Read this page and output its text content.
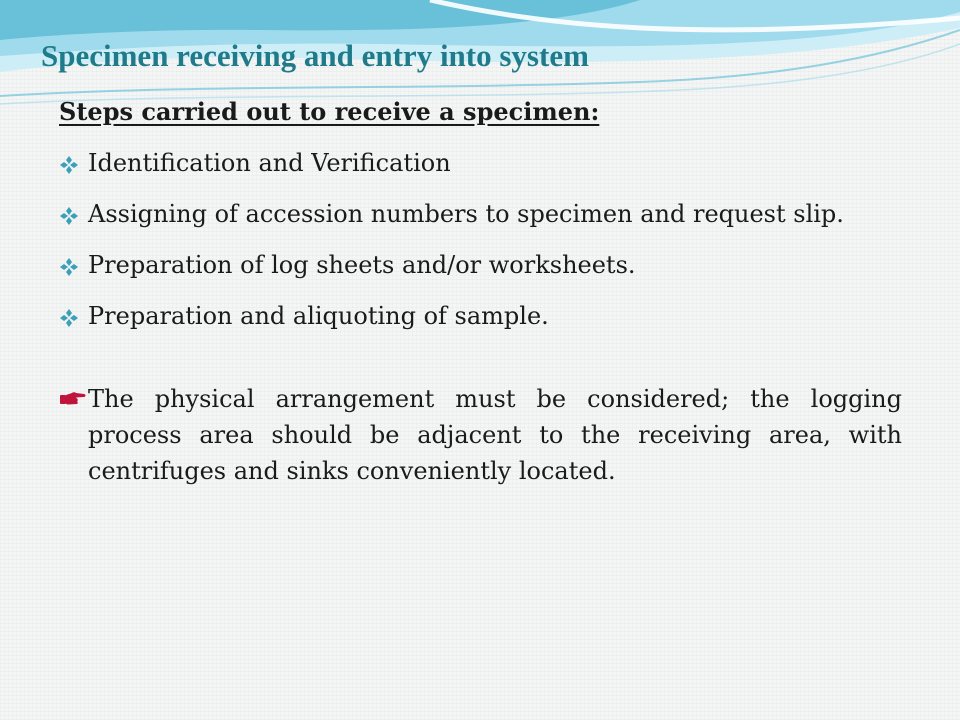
Specimen receiving and entry into system
Steps carried out to receive a specimen:
Identification and Verification
Assigning of accession numbers to specimen and request slip.
Preparation of log sheets and/or worksheets.
Preparation and aliquoting of sample.
The physical arrangement must be considered; the logging process area should be adjacent to the receiving area, with centrifuges and sinks conveniently located.
